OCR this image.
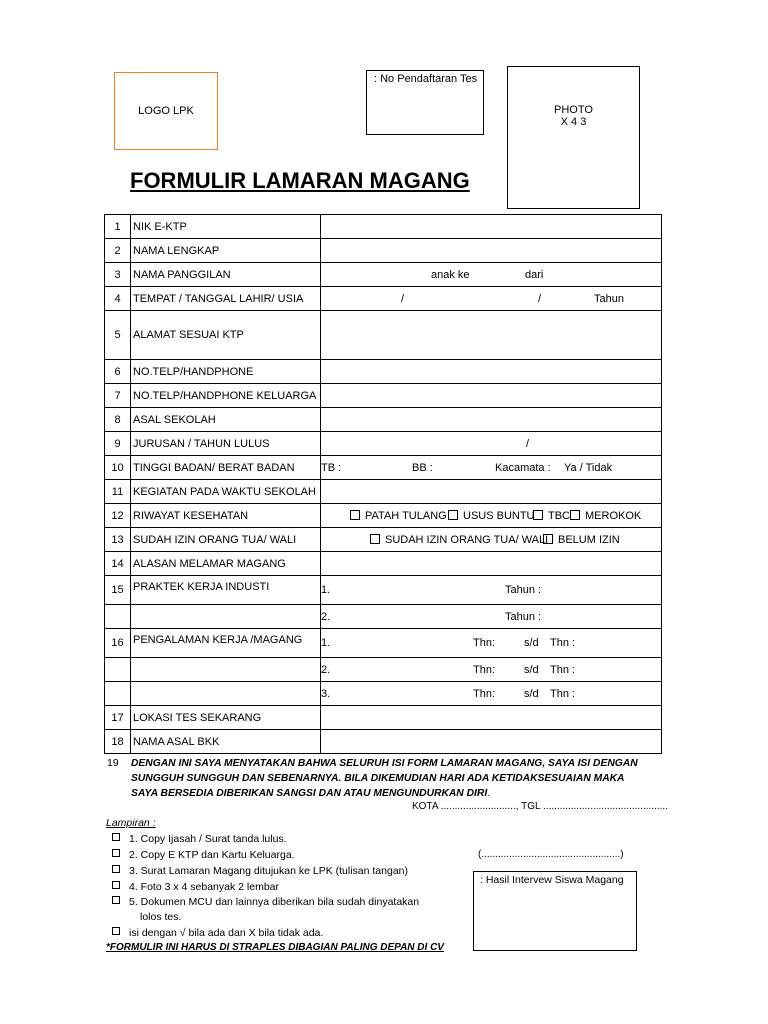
LOGO LPK
: No Pendaftaran Tes
PHOTO
X 4 3
FORMULIR LAMARAN MAGANG
1	NIK E-KTP	
2	NAMA LENGKAP	
3	NAMA PANGGILAN	anak ke dari

4	TEMPAT / TANGGAL LAHIR/ USIA	/ / Tahun

5	ALAMAT SESUAI KTP	
6	NO.TELP/HANDPHONE	
7	NO.TELP/HANDPHONE KELUARGA	
8	ASAL SEKOLAH	
9	JURUSAN / TAHUN LULUS	/

10	TINGGI BADAN/ BERAT BADAN	TB : BB : Kacamata : Ya / Tidak

11	KEGIATAN PADA WAKTU SEKOLAH	
12	RIWAYAT KESEHATAN	PATAH TULANG USUS BUNTU TBC MEROKOK

13	SUDAH IZIN ORANG TUA/ WALI	SUDAH IZIN ORANG TUA/ WALI BELUM IZIN

14	ALASAN MELAMAR MAGANG	
15	PRAKTEK KERJA INDUSTI	1. Tahun :

		2. Tahun :

16	PENGALAMAN KERJA /MAGANG	1. Thn: s/d Thn :

		2. Thn: s/d Thn :

		3. Thn: s/d Thn :

17	LOKASI TES SEKARANG	
18	NAMA ASAL BKK	
19 DENGAN INI SAYA MENYATAKAN BAHWA SELURUH ISI FORM LAMARAN MAGANG, SAYA ISI DENGAN
SUNGGUH SUNGGUH DAN SEBENARNYA. BILA DIKEMUDIAN HARI ADA KETIDAKSESUAIAN MAKA
SAYA BERSEDIA DIBERIKAN SANGSI DAN ATAU MENGUNDURKAN DIRI.
KOTA ..........................., TGL .............................................
Lampiran :
1. Copy Ijasah / Surat tanda lulus.
2. Copy E KTP dan Kartu Keluarga.
3. Surat Lamaran Magang ditujukan ke LPK (tulisan tangan)
4. Foto 3 x 4 sebanyak 2 lembar
5. Dokumen MCU dan lainnya diberikan bila sudah dinyatakan
lolos tes.
isi dengan √ bila ada dan X bila tidak ada.
*FORMULIR INI HARUS DI STRAPLES DIBAGIAN PALING DEPAN DI CV
(..................................................)
: Hasil Intervew Siswa Magang
